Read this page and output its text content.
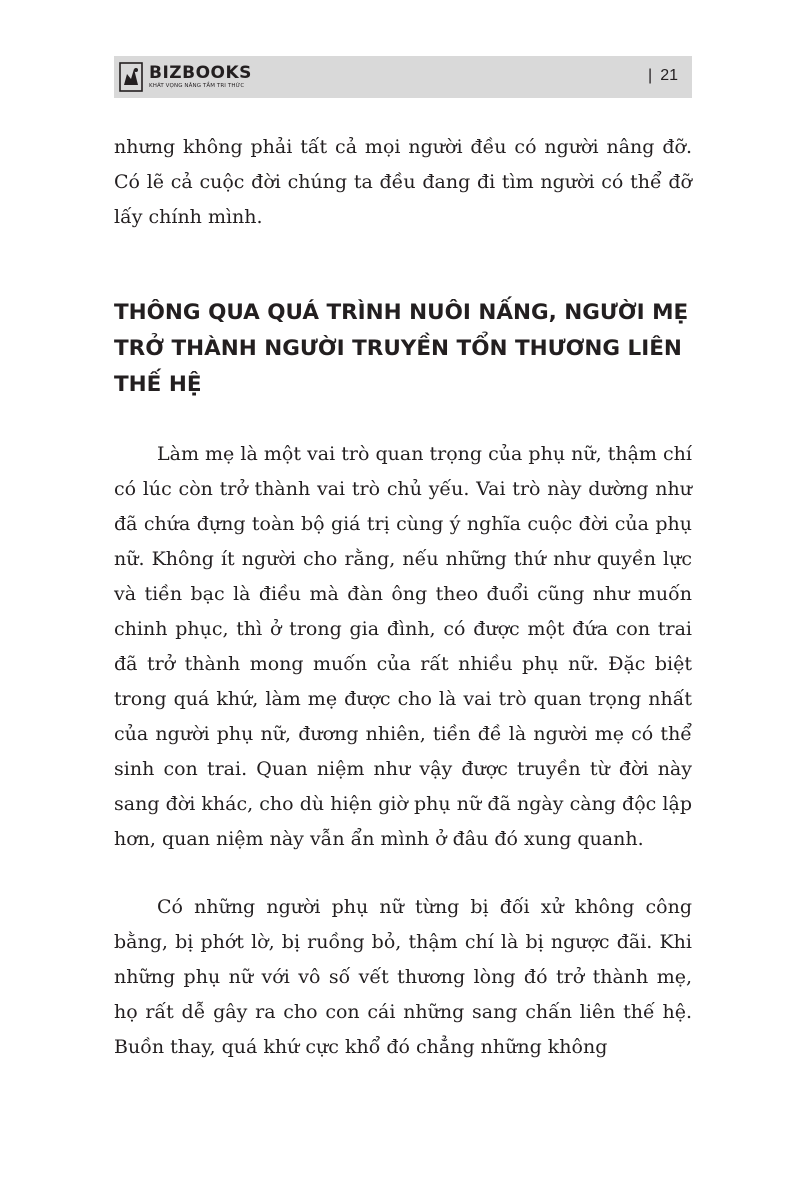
BIZBOOKS
KHÁT VỌNG NÂNG TẦM TRI THỨC
| 21

nhưng không phải tất cả mọi người đều có người nâng đỡ. Có lẽ cả cuộc đời chúng ta đều đang đi tìm người có thể đỡ lấy chính mình.

THÔNG QUA QUÁ TRÌNH NUÔI NẤNG, NGƯỜI MẸ TRỞ THÀNH NGƯỜI TRUYỀN TỔN THƯƠNG LIÊN THẾ HỆ

Làm mẹ là một vai trò quan trọng của phụ nữ, thậm chí có lúc còn trở thành vai trò chủ yếu. Vai trò này dường như đã chứa đựng toàn bộ giá trị cùng ý nghĩa cuộc đời của phụ nữ. Không ít người cho rằng, nếu những thứ như quyền lực và tiền bạc là điều mà đàn ông theo đuổi cũng như muốn chinh phục, thì ở trong gia đình, có được một đứa con trai đã trở thành mong muốn của rất nhiều phụ nữ. Đặc biệt trong quá khứ, làm mẹ được cho là vai trò quan trọng nhất của người phụ nữ, đương nhiên, tiền đề là người mẹ có thể sinh con trai. Quan niệm như vậy được truyền từ đời này sang đời khác, cho dù hiện giờ phụ nữ đã ngày càng độc lập hơn, quan niệm này vẫn ẩn mình ở đâu đó xung quanh.

Có những người phụ nữ từng bị đối xử không công bằng, bị phớt lờ, bị ruồng bỏ, thậm chí là bị ngược đãi. Khi những phụ nữ với vô số vết thương lòng đó trở thành mẹ, họ rất dễ gây ra cho con cái những sang chấn liên thế hệ. Buồn thay, quá khứ cực khổ đó chẳng những không
